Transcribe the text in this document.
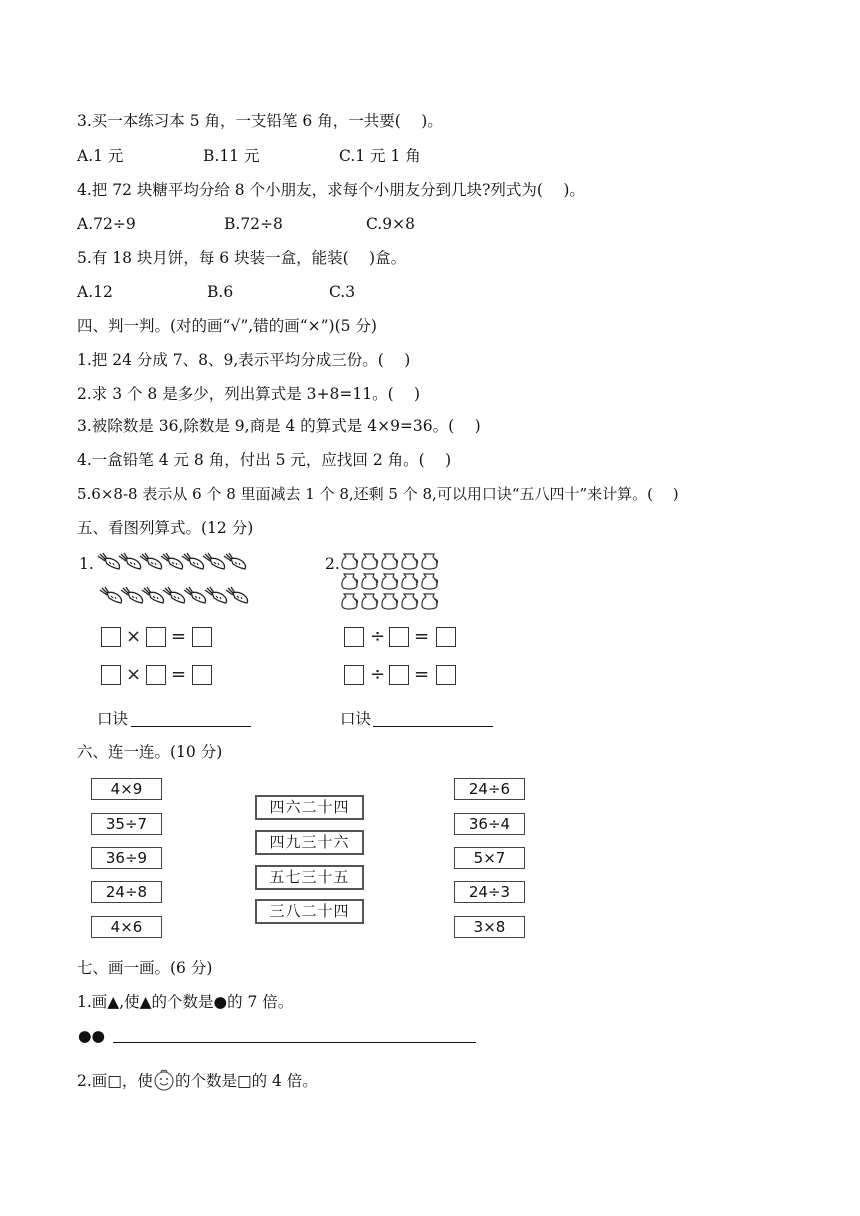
3.买一本练习本 5 角，一支铅笔 6 角，一共要(　 )。
A.1 元	B.11 元	C.1 元 1 角
4.把 72 块糖平均分给 8 个小朋友，求每个小朋友分到几块?列式为(　 )。
A.72÷9	B.72÷8	C.9×8
5.有 18 块月饼，每 6 块装一盒，能装(　 )盒。
A.12	B.6	C.3
四、判一判。(对的画“√”,错的画“×”)(5 分)
1.把 24 分成 7、8、9,表示平均分成三份。(　 )
2.求 3 个 8 是多少，列出算式是 3+8=11。(　 )
3.被除数是 36,除数是 9,商是 4 的算式是 4×9=36。(　 )
4.一盒铅笔 4 元 8 角，付出 5 元，应找回 2 角。(　 )
5.6×8-8 表示从 6 个 8 里面减去 1 个 8,还剩 5 个 8,可以用口诀“五八四十”来计算。(　 )
五、看图列算式。(12 分)
1.	2.
× =
× =
÷ =
÷ =
口诀	口诀
六、连一连。(10 分)
4×9
35÷7
36÷9
24÷8
4×6
四六二十四
四九三十六
五七三十五
三八二十四
24÷6
36÷4
5×7
24÷3
3×8
七、画一画。(6 分)
1.画▲,使▲的个数是●的 7 倍。
●●
2.画□，使 的个数是□的 4 倍。
